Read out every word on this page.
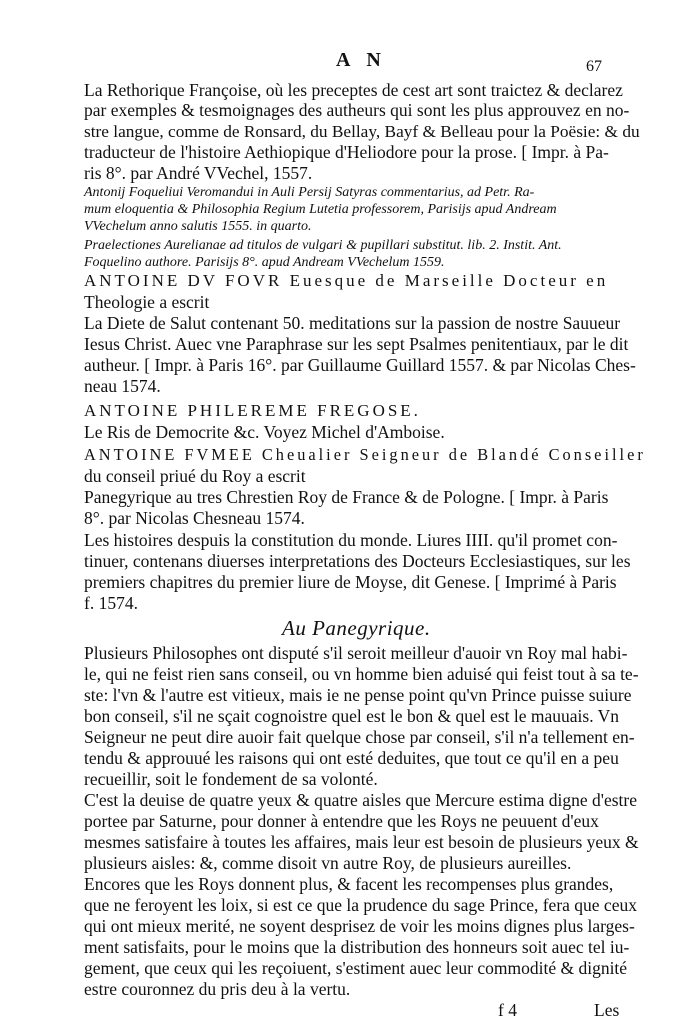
A N	67
La Rethorique Françoise, où les preceptes de cest art sont traictez & declarez
par exemples & tesmoignages des autheurs qui sont les plus approuvez en no-
stre langue, comme de Ronsard, du Bellay, Bayf & Belleau pour la Poësie: & du
traducteur de l'histoire Aethiopique d'Heliodore pour la prose. [ Impr. à Pa-
ris 8°. par André VVechel, 1557.
Antonij Foqueliui Veromandui in Auli Persij Satyras commentarius, ad Petr. Ra-
mum eloquentia & Philosophia Regium Lutetia professorem, Parisijs apud Andream
VVechelum anno salutis 1555. in quarto.
Praelectiones Aurelianae ad titulos de vulgari & pupillari substitut. lib. 2. Instit. Ant.
Foquelino authore. Parisijs 8°. apud Andream VVechelum 1559.
ANTOINE DV FOVR Euesque de Marseille Docteur en
Theologie a escrit
La Diete de Salut contenant 50. meditations sur la passion de nostre Sauueur
Iesus Christ. Auec vne Paraphrase sur les sept Psalmes penitentiaux, par le dit
autheur. [ Impr. à Paris 16°. par Guillaume Guillard 1557. & par Nicolas Ches-
neau 1574.
ANTOINE PHILEREME FREGOSE.
Le Ris de Democrite &c. Voyez Michel d'Amboise.
ANTOINE FVMEE Cheualier Seigneur de Blandé Conseiller
du conseil priué du Roy a escrit
Panegyrique au tres Chrestien Roy de France & de Pologne. [ Impr. à Paris
8°. par Nicolas Chesneau 1574.
Les histoires despuis la constitution du monde. Liures IIII. qu'il promet con-
tinuer, contenans diuerses interpretations des Docteurs Ecclesiastiques, sur les
premiers chapitres du premier liure de Moyse, dit Genese. [ Imprimé à Paris
f. 1574.
Au Panegyrique.
Plusieurs Philosophes ont disputé s'il seroit meilleur d'auoir vn Roy mal habi-
le, qui ne feist rien sans conseil, ou vn homme bien aduisé qui feist tout à sa te-
ste: l'vn & l'autre est vitieux, mais ie ne pense point qu'vn Prince puisse suiure
bon conseil, s'il ne sçait cognoistre quel est le bon & quel est le mauuais. Vn
Seigneur ne peut dire auoir fait quelque chose par conseil, s'il n'a tellement en-
tendu & approuué les raisons qui ont esté deduites, que tout ce qu'il en a peu
recueillir, soit le fondement de sa volonté.
C'est la deuise de quatre yeux & quatre aisles que Mercure estima digne d'estre
portee par Saturne, pour donner à entendre que les Roys ne peuuent d'eux
mesmes satisfaire à toutes les affaires, mais leur est besoin de plusieurs yeux &
plusieurs aisles: &, comme disoit vn autre Roy, de plusieurs aureilles.
Encores que les Roys donnent plus, & facent les recompenses plus grandes,
que ne feroyent les loix, si est ce que la prudence du sage Prince, fera que ceux
qui ont mieux merité, ne soyent desprisez de voir les moins dignes plus larges-
ment satisfaits, pour le moins que la distribution des honneurs soit auec tel iu-
gement, que ceux qui les reçoiuent, s'estiment auec leur commodité & dignité
estre couronnez du pris deu à la vertu.
f 4	Les
